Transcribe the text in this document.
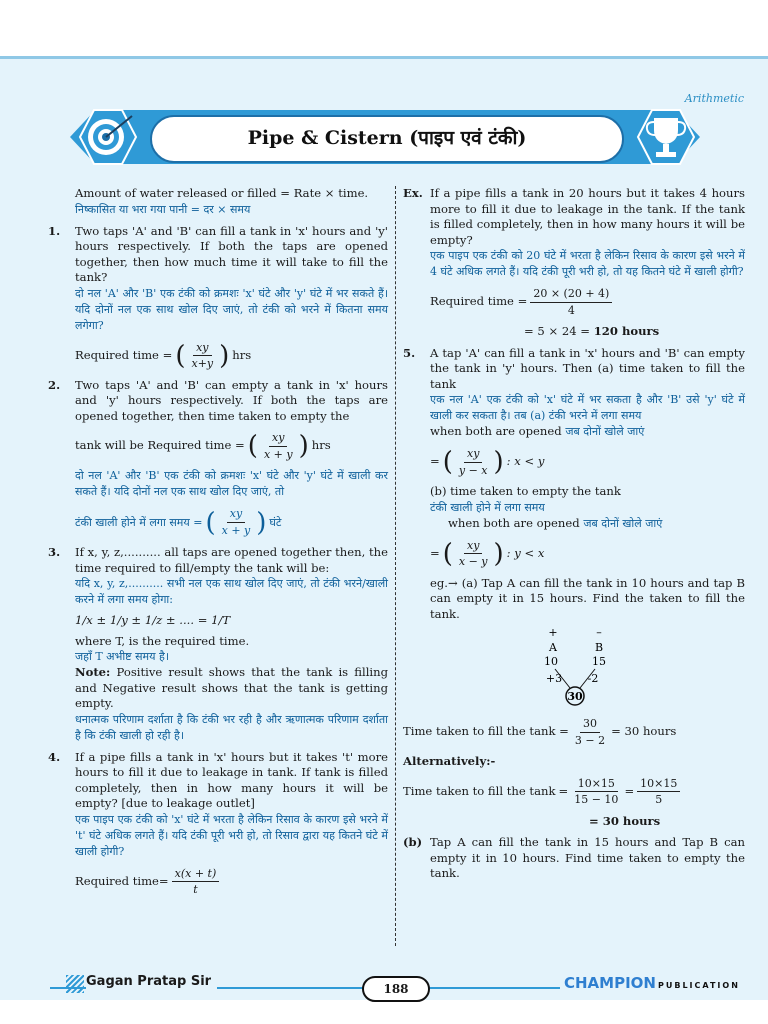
Arithmetic
Pipe & Cistern (पाइप एवं टंकी)
Amount of water released or filled = Rate × time.
निष्कासित या भरा गया पानी = दर × समय
1.	Two taps 'A' and 'B' can fill a tank in 'x' hours and 'y' hours respectively. If both the taps are opened together, then how much time it will take to fill the tank?
दो नल 'A' और 'B' एक टंकी को क्रमशः 'x' घंटे और 'y' घंटे में भर सकते हैं। यदि दोनों नल एक साथ खोल दिए जाएं, तो टंकी को भरने में कितना समय लगेगा?
Required time = ( $\frac{xy}{x+y}$ ) hrs
2.	Two taps 'A' and 'B' can empty a tank in 'x' hours and 'y' hours respectively. If both the taps are opened together, then time taken to empty the
tank will be Required time = ( $\frac{xy}{x + y}$ ) hrs
दो नल 'A' और 'B' एक टंकी को क्रमशः 'x' घंटे और 'y' घंटे में खाली कर सकते हैं। यदि दोनों नल एक साथ खोल दिए जाएं, तो
टंकी खाली होने में लगा समय = ( $\frac{xy}{x + y}$ ) घंटे
3.	If x, y, z,.......... all taps are opened together then, the time required to fill/empty the tank will be:
यदि x, y, z,.......... सभी नल एक साथ खोल दिए जाएं, तो टंकी भरने/खाली करने में लगा समय होगा:
1/x ± 1/y ± 1/z ± .... = 1/T
where T, is the required time.
जहाँ T अभीष्ट समय है।
Note: Positive result shows that the tank is filling and Negative result shows that the tank is getting empty.
धनात्मक परिणाम दर्शाता है कि टंकी भर रही है और ऋणात्मक परिणाम दर्शाता है कि टंकी खाली हो रही है।
4.	If a pipe fills a tank in 'x' hours but it takes 't' more hours to fill it due to leakage in tank. If tank is filled completely, then in how many hours it will be empty? [due to leakage outlet]
एक पाइप एक टंकी को 'x' घंटे में भरता है लेकिन रिसाव के कारण इसे भरने में 't' घंटे अधिक लगते हैं। यदि टंकी पूरी भरी हो, तो रिसाव द्वारा यह कितने घंटे में खाली होगी?
Required time= $\frac{x(x + t)}{t}$
Ex. If a pipe fills a tank in 20 hours but it takes 4 hours more to fill it due to leakage in the tank. If the tank is filled completely, then in how many hours it will be empty?
एक पाइप एक टंकी को 20 घंटे में भरता है लेकिन रिसाव के कारण इसे भरने में 4 घंटे अधिक लगते हैं। यदि टंकी पूरी भरी हो, तो यह कितने घंटे में खाली होगी?
Required time = $\frac{20 \times (20 + 4)}{4}$
= 5 × 24 = 120 hours
5.	A tap 'A' can fill a tank in 'x' hours and 'B' can empty the tank in 'y' hours. Then (a) time taken to fill the tank
एक नल 'A' एक टंकी को 'x' घंटे में भर सकता है और 'B' उसे 'y' घंटे में खाली कर सकता है। तब (a) टंकी भरने में लगा समय
when both are opened जब दोनों खोले जाएं
= ( $\frac{xy}{y - x}$ ) : x < y
(b) time taken to empty the tank
टंकी खाली होने में लगा समय
when both are opened जब दोनों खोले जाएं
= ( $\frac{xy}{x - y}$ ) : y < x
eg.→ (a) Tap A can fill the tank in 10 hours and tap B can empty it in 15 hours. Find the taken to fill the tank.
+	–
A	B
10	15
+3 -2
30
Time taken to fill the $\tan k = \frac{30}{3 - 2} = 30$ hours
Alternatively:-
Time taken to fill the $\tan k = \frac{10\times 15}{15 - 10} = \frac{10\times 15}{5}$
= 30 hours
(b) Tap A can fill the tank in 15 hours and Tap B can empty it in 10 hours. Find time taken to empty the tank.
Gagan Pratap Sir	188	CHAMPION PUBLICATION
